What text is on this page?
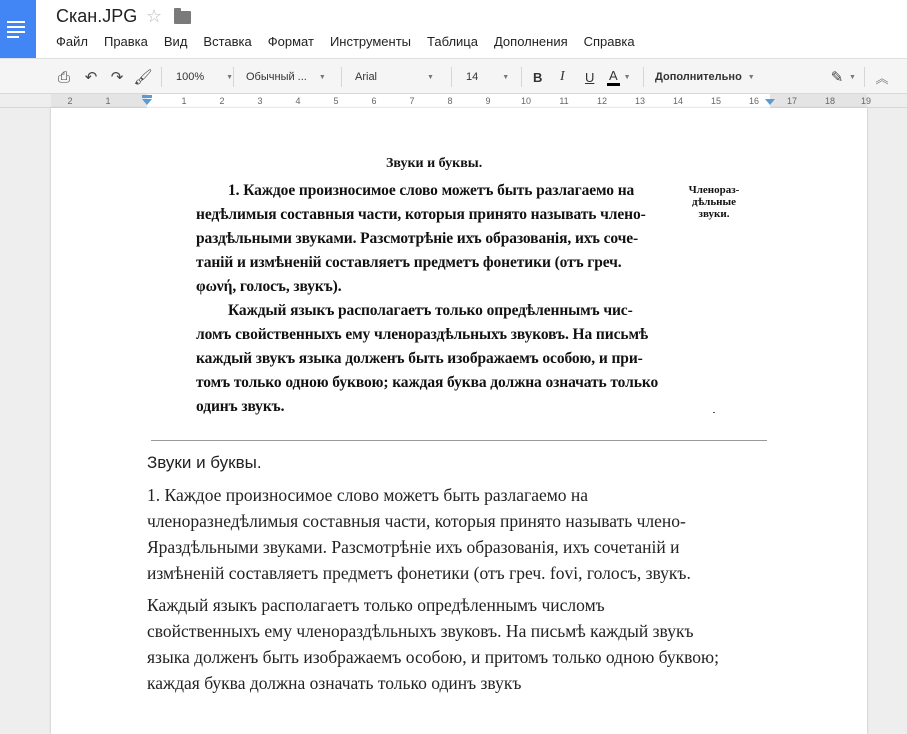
Скан.JPG ☆
Файл Правка Вид Вставка Формат Инструменты Таблица Дополнения Справка
⎙ ↶ ↷ 🖌 100%	▼ Обычный ... ▼	Arial	▼	14	▼ B I U A ▼ Дополнительно ▼	✎ ▼	︽
2	1	1	2	3	4	5	6	7	8	9	10	11	12	13	14	15	16	17	18	19
Звуки и буквы.
Членораз-
дѣльные
звуки.
1. Каждое произносимое слово можетъ быть разлагаемо на
недѣлимыя составныя части, которыя принято называть члено-
раздѣльными звуками. Разсмотрѣніе ихъ образованія, ихъ сочe-
таній и измѣненій составляетъ предметъ фонетики (отъ греч.
φωνή, голосъ, звукъ).
Каждый языкъ располагаетъ только опредѣленнымъ чис-
ломъ свойственныхъ ему членораздѣльныхъ звуковъ. На письмѣ
каждый звукъ языка долженъ быть изображаемъ особою, и при-
томъ только одною буквою; каждая буква должна означать только
одинъ звукъ.
Звуки и буквы.
1. Каждое произносимое слово можетъ быть разлагаемо на
членоразнедѣлимыя составныя части, которыя принято называть члено-
Яраздѣльными звуками. Разсмотрѣніе ихъ образованія, ихъ сочетаній и
измѣненій составляетъ предметъ фонетики (отъ греч. fovi, голосъ, звукъ.
Каждый языкъ располагаетъ только опредѣленнымъ числомъ
свойственныхъ ему членораздѣльныхъ звуковъ. На письмѣ каждый звукъ
языка долженъ быть изображаемъ особою, и притомъ только одною буквою;
каждая буква должна означать только одинъ звукъ
